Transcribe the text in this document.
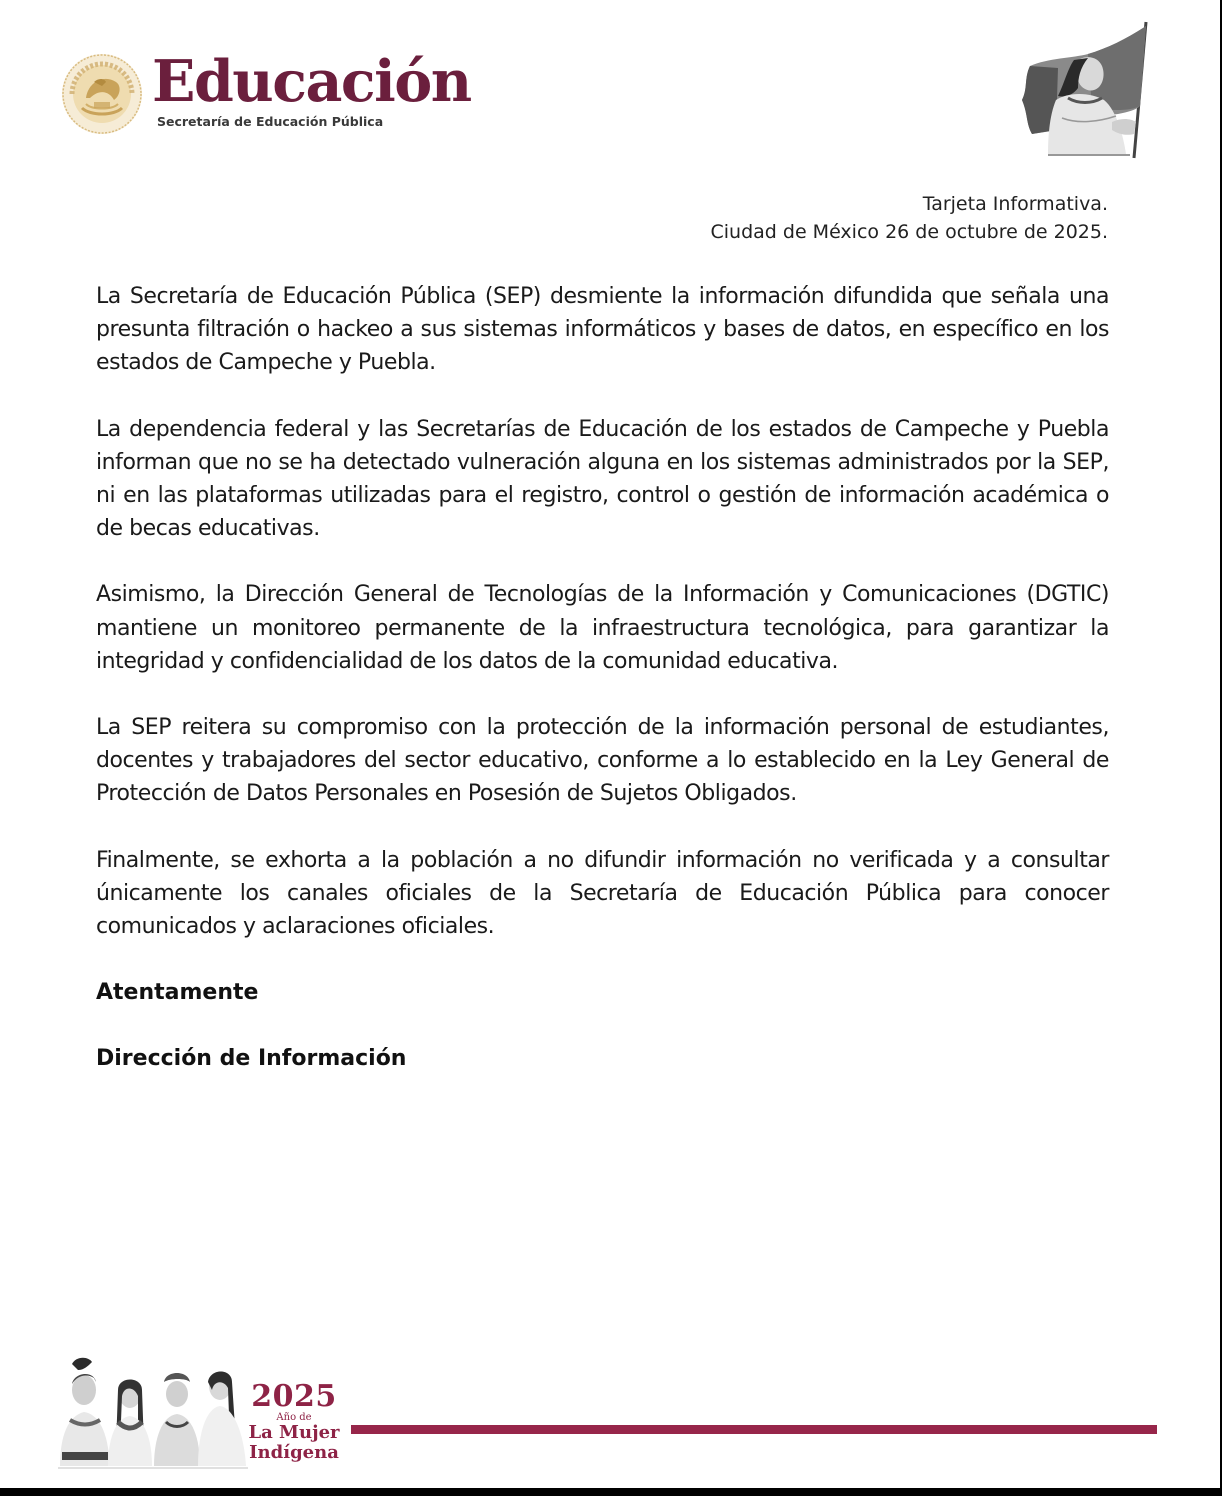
Educación
Secretaría de Educación Pública
Tarjeta Informativa.
Ciudad de México 26 de octubre de 2025.

La Secretaría de Educación Pública (SEP) desmiente la información difundida que señala una presunta filtración o hackeo a sus sistemas informáticos y bases de datos, en específico en los estados de Campeche y Puebla.

La dependencia federal y las Secretarías de Educación de los estados de Campeche y Puebla informan que no se ha detectado vulneración alguna en los sistemas administrados por la SEP, ni en las plataformas utilizadas para el registro, control o gestión de información académica o de becas educativas.

Asimismo, la Dirección General de Tecnologías de la Información y Comunicaciones (DGTIC) mantiene un monitoreo permanente de la infraestructura tecnológica, para garantizar la integridad y confidencialidad de los datos de la comunidad educativa.

La SEP reitera su compromiso con la protección de la información personal de estudiantes, docentes y trabajadores del sector educativo, conforme a lo establecido en la Ley General de Protección de Datos Personales en Posesión de Sujetos Obligados.

Finalmente, se exhorta a la población a no difundir información no verificada y a consultar únicamente los canales oficiales de la Secretaría de Educación Pública para conocer comunicados y aclaraciones oficiales.

Atentamente
Dirección de Información
2025
Año de
La Mujer
Indígena
